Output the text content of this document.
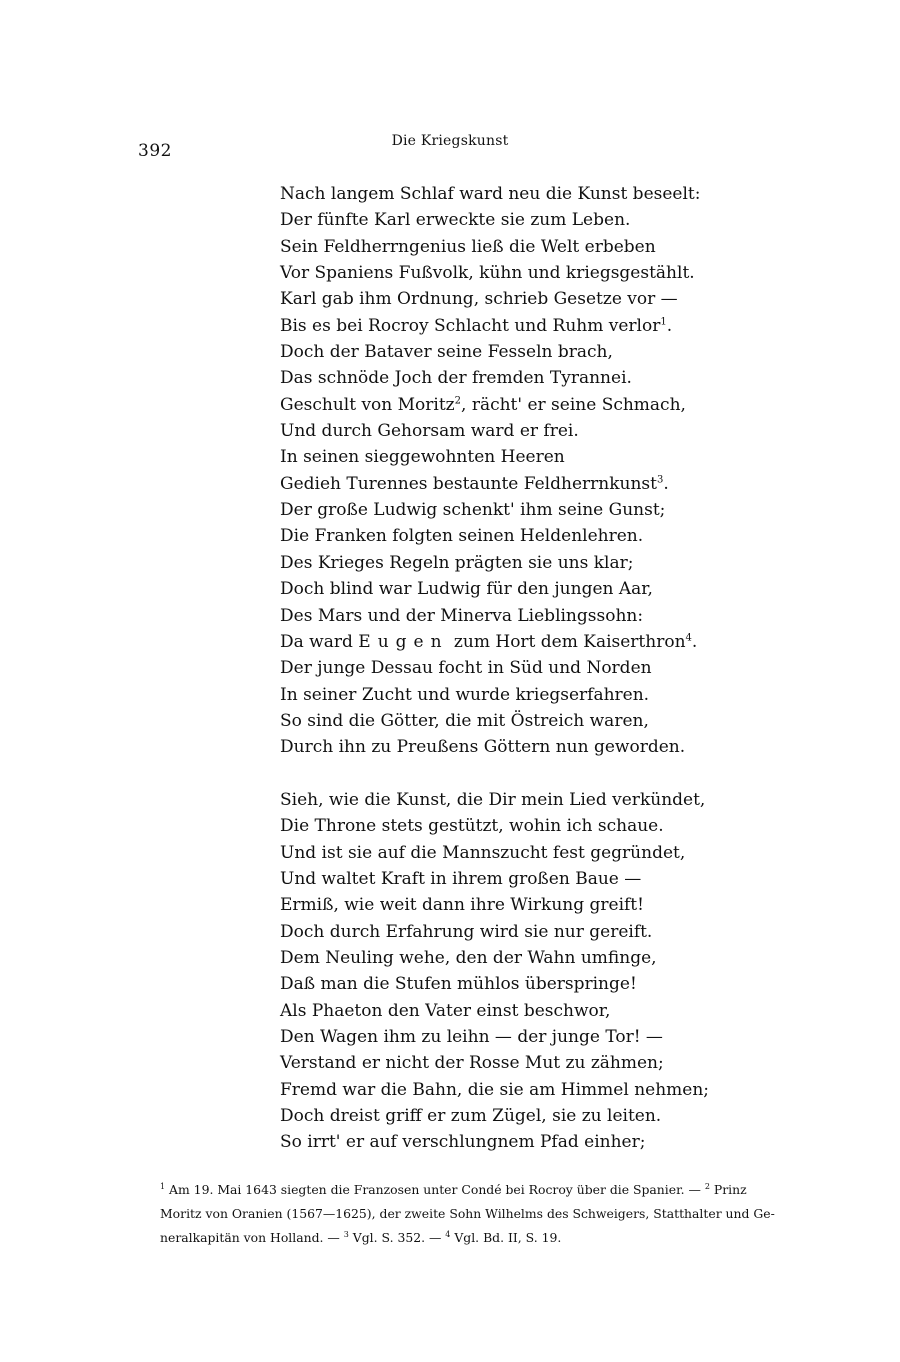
392	Die Kriegskunst
Nach langem Schlaf ward neu die Kunst beseelt:
Der fünfte Karl erweckte sie zum Leben.
Sein Feldherrngenius ließ die Welt erbeben
Vor Spaniens Fußvolk, kühn und kriegsgestählt.
Karl gab ihm Ordnung, schrieb Gesetze vor —
Bis es bei Rocroy Schlacht und Ruhm verlor$^1$.
Doch der Bataver seine Fesseln brach,
Das schnöde Joch der fremden Tyrannei.
Geschult von Moritz$^2$, rächt' er seine Schmach,
Und durch Gehorsam ward er frei.
In seinen sieggewohnten Heeren
Gedieh Turennes bestaunte Feldherrnkunst$^3$.
Der große Ludwig schenkt' ihm seine Gunst;
Die Franken folgten seinen Heldenlehren.
Des Krieges Regeln prägten sie uns klar;
Doch blind war Ludwig für den jungen Aar,
Des Mars und der Minerva Lieblingssohn:
Da ward Eugen zum Hort dem Kaiserthron$^4$.
Der junge Dessau focht in Süd und Norden
In seiner Zucht und wurde kriegserfahren.
So sind die Götter, die mit Östreich waren,
Durch ihn zu Preußens Göttern nun geworden.
Sieh, wie die Kunst, die Dir mein Lied verkündet,
Die Throne stets gestützt, wohin ich schaue.
Und ist sie auf die Mannszucht fest gegründet,
Und waltet Kraft in ihrem großen Baue —
Ermiß, wie weit dann ihre Wirkung greift!
Doch durch Erfahrung wird sie nur gereift.
Dem Neuling wehe, den der Wahn umfinge,
Daß man die Stufen mühlos überspringe!
Als Phaeton den Vater einst beschwor,
Den Wagen ihm zu leihn — der junge Tor! —
Verstand er nicht der Rosse Mut zu zähmen;
Fremd war die Bahn, die sie am Himmel nehmen;
Doch dreist griff er zum Zügel, sie zu leiten.
So irrt' er auf verschlungnem Pfad einher;
$^1$ Am 19. Mai 1643 siegten die Franzosen unter Condé bei Rocroy über die Spanier. — $^2$ Prinz
Moritz von Oranien (1567—1625), der zweite Sohn Wilhelms des Schweigers, Statthalter und Ge-
neralkapitän von Holland. — $^3$ Vgl. S. 352. — $^4$ Vgl. Bd. II, S. 19.
